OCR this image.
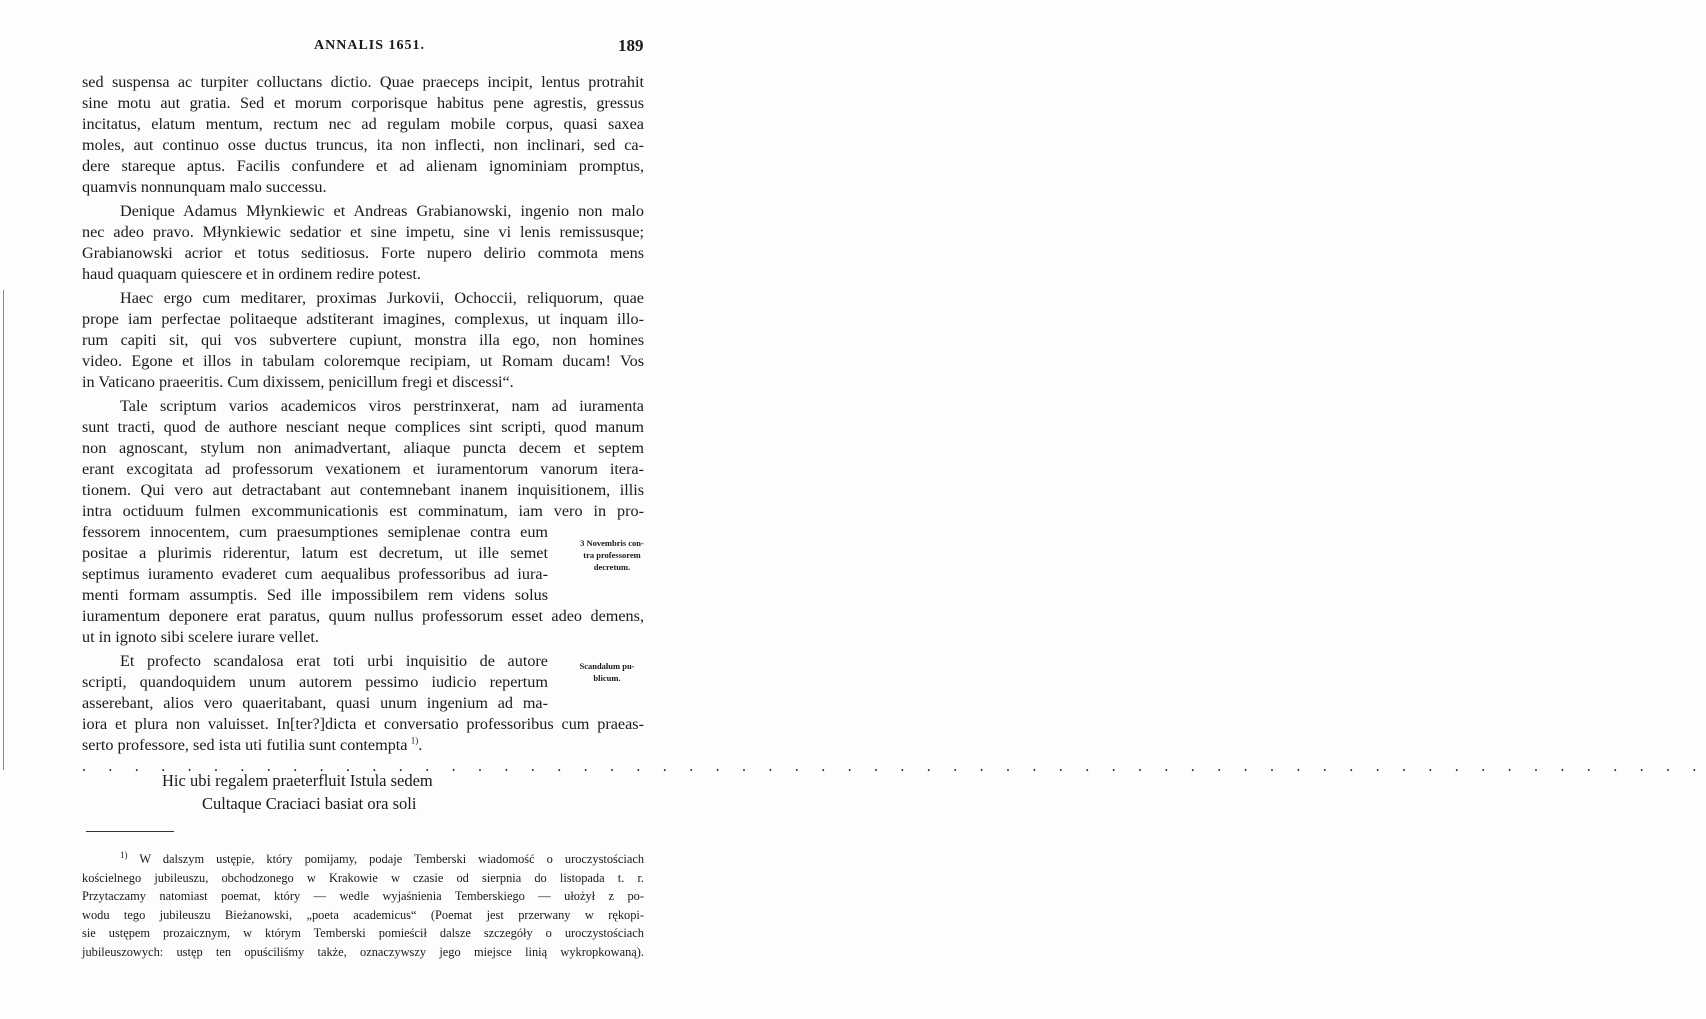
ANNALIS 1651.	189

sed suspensa ac turpiter colluctans dictio. Quae praeceps incipit, lentus protrahit
sine motu aut gratia. Sed et morum corporisque habitus pene agrestis, gressus
incitatus, elatum mentum, rectum nec ad regulam mobile corpus, quasi saxea
moles, aut continuo osse ductus truncus, ita non inflecti, non inclinari, sed ca-
dere stareque aptus. Facilis confundere et ad alienam ignominiam promptus,
quamvis nonnunquam malo successu.

Denique Adamus Młynkiewic et Andreas Grabianowski, ingenio non malo
nec adeo pravo. Młynkiewic sedatior et sine impetu, sine vi lenis remissusque;
Grabianowski acrior et totus seditiosus. Forte nupero delirio commota mens
haud quaquam quiescere et in ordinem redire potest.

Haec ergo cum meditarer, proximas Jurkovii, Ochoccii, reliquorum, quae
prope iam perfectae politaeque adstiterant imagines, complexus, ut inquam illo-
rum capiti sit, qui vos subvertere cupiunt, monstra illa ego, non homines
video. Egone et illos in tabulam coloremque recipiam, ut Romam ducam! Vos
in Vaticano praeeritis. Cum dixissem, penicillum fregi et discessi“.

Tale scriptum varios academicos viros perstrinxerat, nam ad iuramenta
sunt tracti, quod de authore nesciant neque complices sint scripti, quod manum
non agnoscant, stylum non animadvertant, aliaque puncta decem et septem
erant excogitata ad professorum vexationem et iuramentorum vanorum itera-
tionem. Qui vero aut detractabant aut contemnebant inanem inquisitionem, illis
intra octiduum fulmen excommunicationis est comminatum, iam vero in pro-
fessorem innocentem, cum praesumptiones semiplenae contra eum
positae a plurimis riderentur, latum est decretum, ut ille semet
septimus iuramento evaderet cum aequalibus professoribus ad iura-
menti formam assumptis. Sed ille impossibilem rem videns solus
iuramentum deponere erat paratus, quum nullus professorum esset adeo demens,
ut in ignoto sibi scelere iurare vellet.

Et profecto scandalosa erat toti urbi inquisitio de autore
scripti, quandoquidem unum autorem pessimo iudicio repertum
asserebant, alios vero quaeritabant, quasi unum ingenium ad ma-
iora et plura non valuisset. In[ter?]dicta et conversatio professoribus cum praeas-
serto professore, sed ista uti futilia sunt contempta  $^{1)}$.

3 Novembris con-
tra professorem
decretum.
Scandalum pu-
blicum.
. . . . . . . . . . . . . . . . . . . . . . . . . . . . . . . . . . . . . . . . . . . . . . . . . . . . . . . . . . . . . .
Hic ubi regalem praeterfluit Istula sedem
Cultaque Craciaci basiat ora soli
$^{1)}$ W dalszym ustępie, który pomijamy, podaje Temberski wiadomość o uroczystościach
kościelnego jubileuszu, obchodzonego w Krakowie w czasie od sierpnia do listopada t. r.
Przytaczamy natomiast poemat, który — wedle wyjaśnienia Temberskiego — ułożył z po-
wodu tego jubileuszu Bieżanowski, „poeta academicus“ (Poemat jest przerwany w rękopi-
sie ustępem prozaicznym, w którym Temberski pomieścił dalsze szczegóły o uroczystościach
jubileuszowych: ustęp ten opuściliśmy także, oznaczywszy jego miejsce linią wykropkowaną).
